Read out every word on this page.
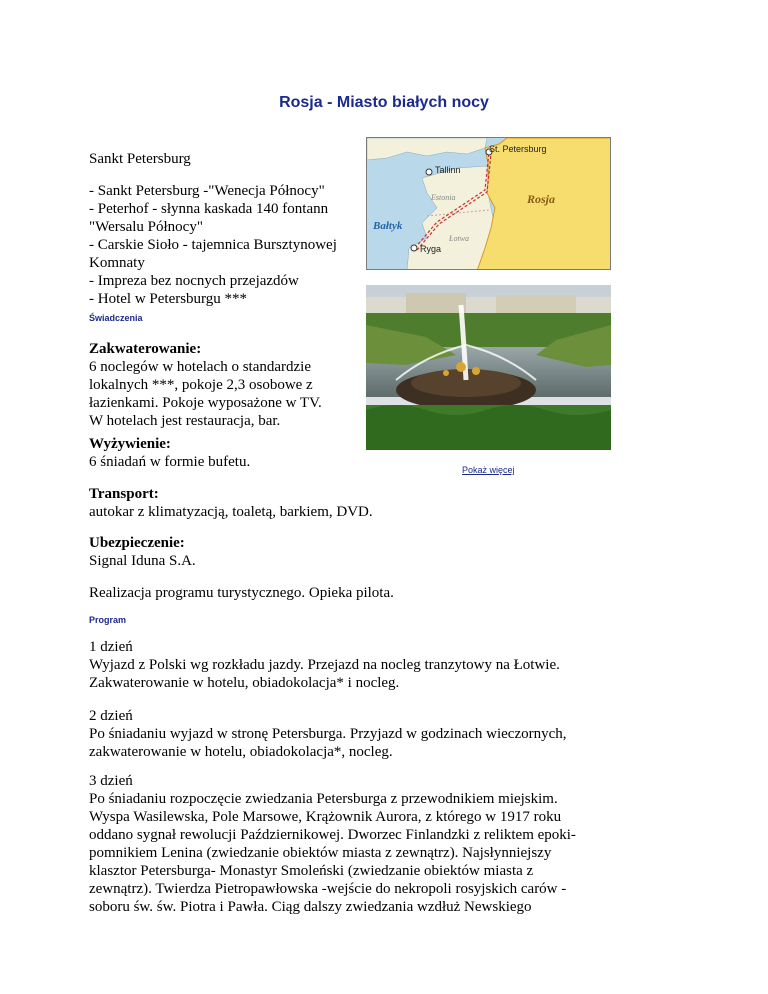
Rosja - Miasto białych nocy
Sankt Petersburg
- Sankt Petersburg -"Wenecja Północy"
- Peterhof - słynna kaskada 140 fontann
"Wersalu Północy"
- Carskie Sioło - tajemnica Bursztynowej
Komnaty
- Impreza bez nocnych przejazdów
- Hotel w Petersburgu ***
St. Petersburg
Tallinn
Estonia	Rosja
Bałtyk
Łotwa
Ryga
Pokaż więcej
Świadczenia
Zakwaterowanie:
6 noclegów w hotelach o standardzie
lokalnych ***, pokoje 2,3 osobowe z
łazienkami. Pokoje wyposażone w TV.
W hotelach jest restauracja, bar.
Wyżywienie:
6 śniadań w formie bufetu.
Transport:
autokar z klimatyzacją, toaletą, barkiem, DVD.
Ubezpieczenie:
Signal Iduna S.A.
Realizacja programu turystycznego. Opieka pilota.
Program
1 dzień
Wyjazd z Polski wg rozkładu jazdy. Przejazd na nocleg tranzytowy na Łotwie.
Zakwaterowanie w hotelu, obiadokolacja* i nocleg.
2 dzień
Po śniadaniu wyjazd w stronę Petersburga. Przyjazd w godzinach wieczornych,
zakwaterowanie w hotelu, obiadokolacja*, nocleg.
3 dzień
Po śniadaniu rozpoczęcie zwiedzania Petersburga z przewodnikiem miejskim.
Wyspa Wasilewska, Pole Marsowe, Krążownik Aurora, z którego w 1917 roku
oddano sygnał rewolucji Październikowej. Dworzec Finlandzki z reliktem epoki-
pomnikiem Lenina (zwiedzanie obiektów miasta z zewnątrz). Najsłynniejszy
klasztor Petersburga- Monastyr Smoleński (zwiedzanie obiektów miasta z
zewnątrz). Twierdza Pietropawłowska -wejście do nekropoli rosyjskich carów -
soboru św. św. Piotra i Pawła. Ciąg dalszy zwiedzania wzdłuż Newskiego
